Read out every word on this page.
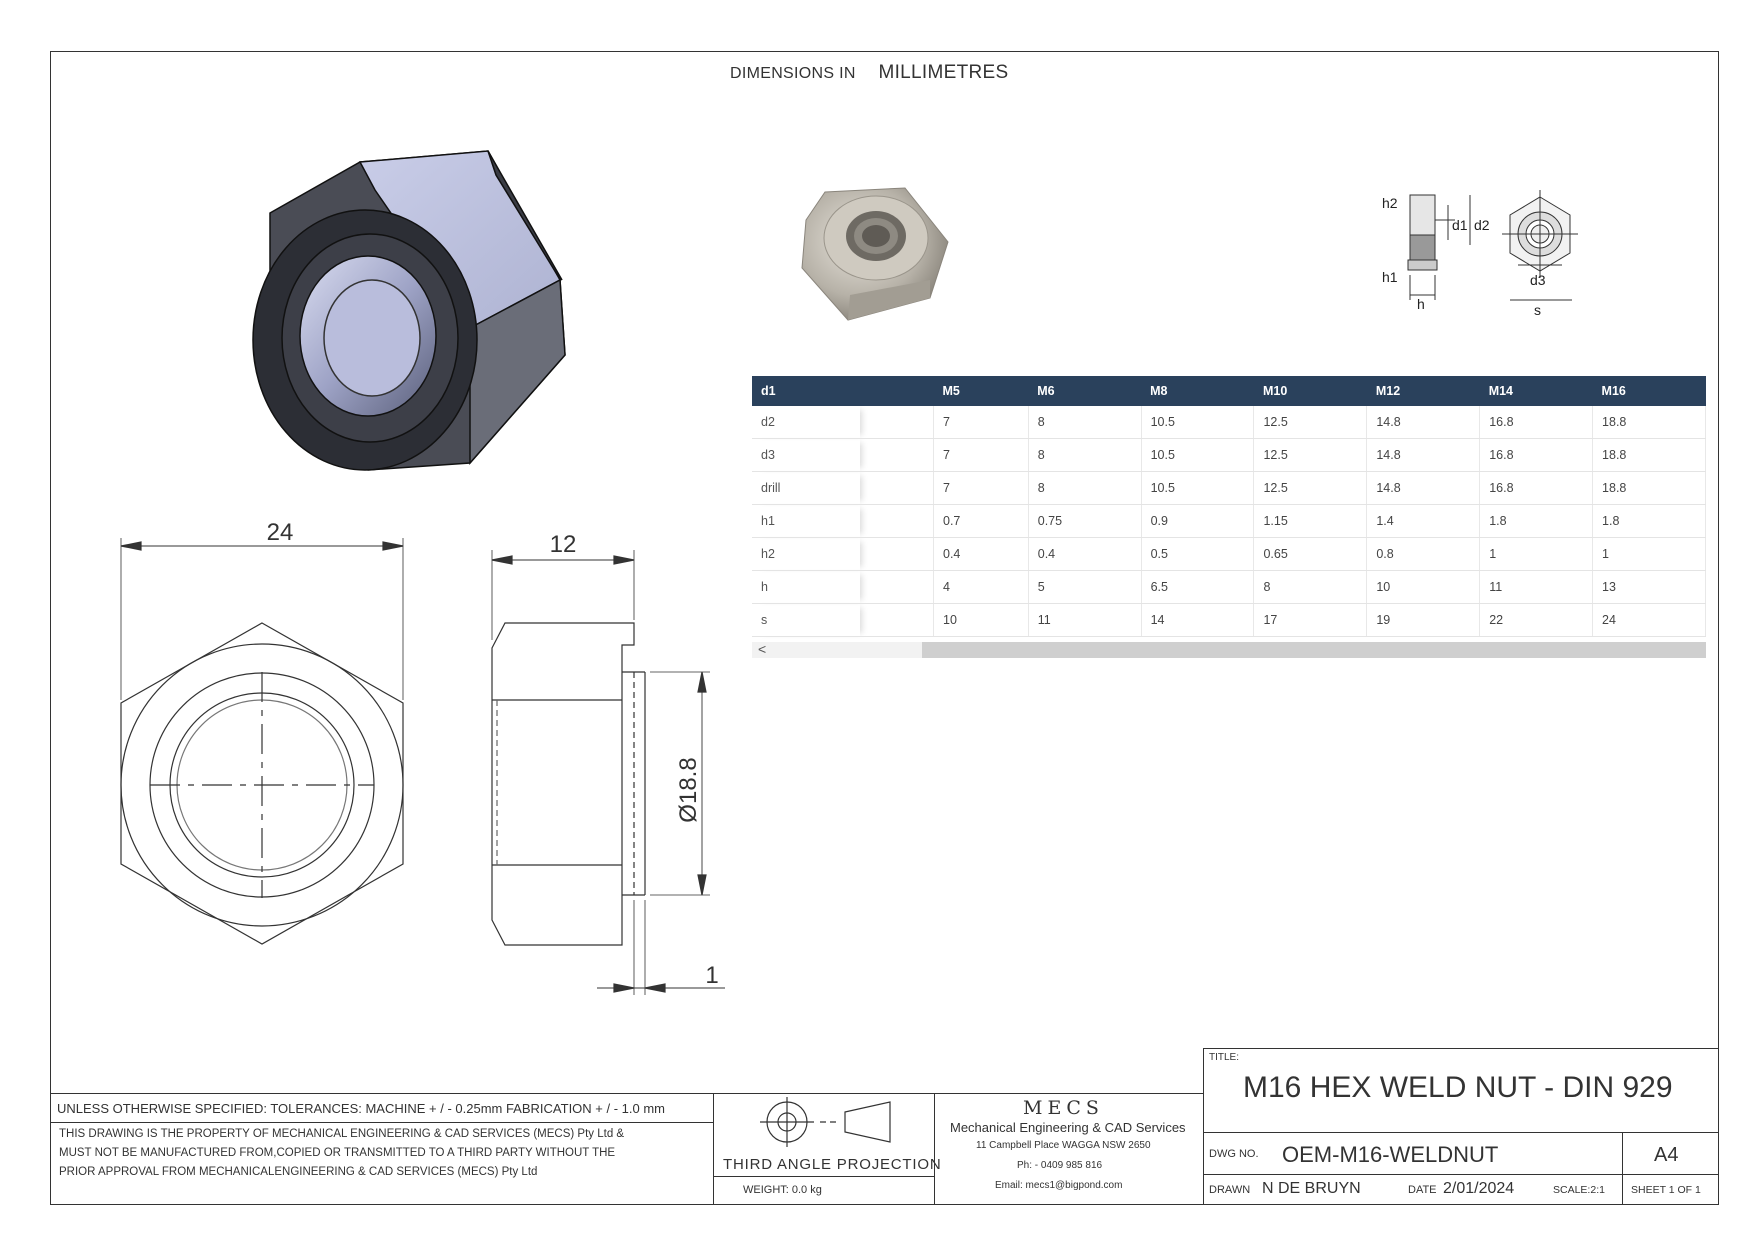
DIMENSIONS IN MILLIMETRES
24	12
Ø18.8
1
h2
d1 d2
h1
h
d3
s
d1		M5	M6	M8	M10	M12	M14	M16
d2		7	8	10.5	12.5	14.8	16.8	18.8
d3		7	8	10.5	12.5	14.8	16.8	18.8
drill		7	8	10.5	12.5	14.8	16.8	18.8
h1		0.7	0.75	0.9	1.15	1.4	1.8	1.8
h2		0.4	0.4	0.5	0.65	0.8	1	1
h		4	5	6.5	8	10	11	13
s		10	11	14	17	19	22	24
<
UNLESS OTHERWISE SPECIFIED: TOLERANCES: MACHINE + / - 0.25mm FABRICATION + / - 1.0 mm
THIS DRAWING IS THE PROPERTY OF MECHANICAL ENGINEERING & CAD SERVICES (MECS) Pty Ltd &
MUST NOT BE MANUFACTURED FROM,COPIED OR TRANSMITTED TO A THIRD PARTY WITHOUT THE
PRIOR APPROVAL FROM MECHANICALENGINEERING & CAD SERVICES (MECS) Pty Ltd	THIRD ANGLE PROJECTION
WEIGHT: 0.0 kg
MECS
Mechanical Engineering & CAD Services
11 Campbell Place WAGGA NSW 2650
Ph: - 0409 985 816
Email: mecs1@bigpond.com
TITLE:
M16 HEX WELD NUT - DIN 929
DWG NO. OEM-M16-WELDNUT	A4
DRAWN N DE BRUYN	DATE 2/01/2024	SCALE:2:1 SHEET 1 OF 1
